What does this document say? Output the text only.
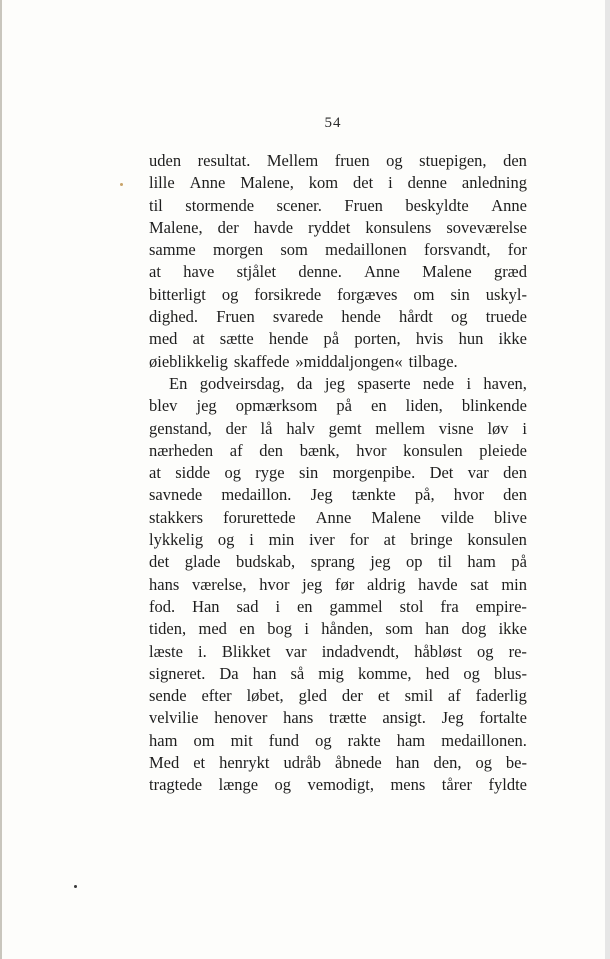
54
uden resultat. Mellem fruen og stuepigen, den
lille Anne Malene, kom det i denne anledning
til stormende scener. Fruen beskyldte Anne
Malene, der havde ryddet konsulens soveværelse
samme morgen som medaillonen forsvandt, for
at have stjålet denne. Anne Malene græd
bitterligt og forsikrede forgæves om sin uskyl-
dighed. Fruen svarede hende hårdt og truede
med at sætte hende på porten, hvis hun ikke
øieblikkelig skaffede »middaljongen« tilbage.
En godveirsdag, da jeg spaserte nede i haven,
blev jeg opmærksom på en liden, blinkende
genstand, der lå halv gemt mellem visne løv i
nærheden af den bænk, hvor konsulen pleiede
at sidde og ryge sin morgenpibe. Det var den
savnede medaillon. Jeg tænkte på, hvor den
stakkers forurettede Anne Malene vilde blive
lykkelig og i min iver for at bringe konsulen
det glade budskab, sprang jeg op til ham på
hans værelse, hvor jeg før aldrig havde sat min
fod. Han sad i en gammel stol fra empire-
tiden, med en bog i hånden, som han dog ikke
læste i. Blikket var indadvendt, håbløst og re-
signeret. Da han så mig komme, hed og blus-
sende efter løbet, gled der et smil af faderlig
velvilie henover hans trætte ansigt. Jeg fortalte
ham om mit fund og rakte ham medaillonen.
Med et henrykt udråb åbnede han den, og be-
tragtede længe og vemodigt, mens tårer fyldte
